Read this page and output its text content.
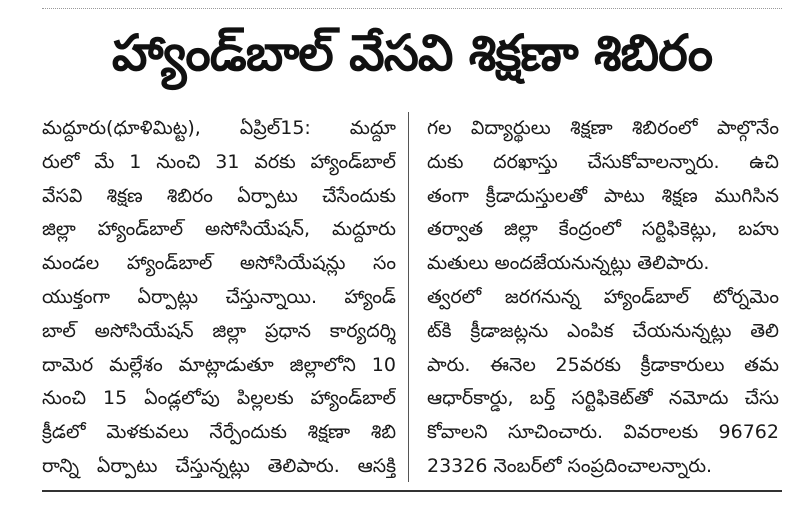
హ్యాండ్‌బాల్ వేసవి శిక్షణా శిబిరం
మద్దూరు(ధూళిమిట్ట), ఏప్రిల్15: మద్దూ
రులో మే 1 నుంచి 31 వరకు హ్యాండ్‌బాల్
వేసవి శిక్షణ శిబిరం ఏర్పాటు చేసేందుకు
జిల్లా హ్యాండ్‌బాల్ అసోసియేషన్, మద్దూరు
మండల హ్యాండ్‌బాల్ అసోసియేషన్లు సం
యుక్తంగా ఏర్పాట్లు చేస్తున్నాయి. హ్యాండ్
బాల్ అసోసియేషన్ జిల్లా ప్రధాన కార్యదర్శి
దామెర మల్లేశం మాట్లాడుతూ జిల్లాలోని 10
నుంచి 15 ఏండ్లలోపు పిల్లలకు హ్యాండ్‌బాల్
క్రీడలో మెళకువలు నేర్పేందుకు శిక్షణా శిబి
రాన్ని ఏర్పాటు చేస్తున్నట్లు తెలిపారు. ఆసక్తి
గల విద్యార్థులు శిక్షణా శిబిరంలో పాల్గొనేం
దుకు దరఖాస్తు చేసుకోవాలన్నారు. ఉచి
తంగా క్రీడాదుస్తులతో పాటు శిక్షణ ముగిసిన
తర్వాత జిల్లా కేంద్రంలో సర్టిఫికెట్లు, బహు
మతులు అందజేయనున్నట్లు తెలిపారు.
త్వరలో జరగనున్న హ్యాండ్‌బాల్ టోర్నమెం
ట్‌కి క్రీడాజట్లను ఎంపిక చేయనున్నట్లు తెలి
పారు. ఈనెల 25వరకు క్రీడాకారులు తమ
ఆధార్‌కార్డు, బర్త్ సర్టిఫికెట్‌తో నమోదు చేసు
కోవాలని సూచించారు. వివరాలకు 96762
23326 నెంబర్‌లో సంప్రదించాలన్నారు.
